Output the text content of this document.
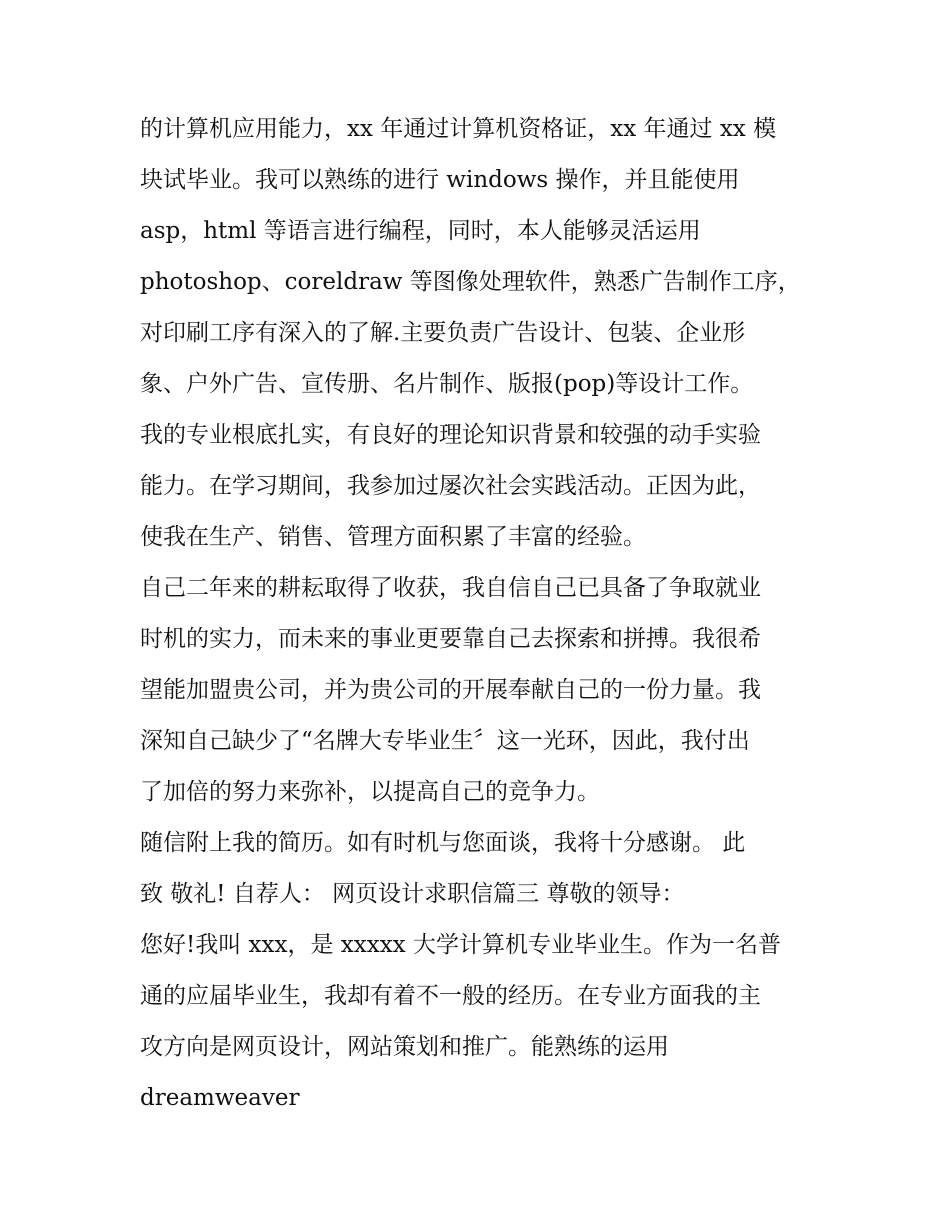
的计算机应用能力，xx 年通过计算机资格证，xx 年通过 xx 模
块试毕业。我可以熟练的进行 windows 操作，并且能使用
asp，html 等语言进行编程，同时，本人能够灵活运用
photoshop、coreldraw 等图像处理软件，熟悉广告制作工序，
对印刷工序有深入的了解.主要负责广告设计、包装、企业形
象、户外广告、宣传册、名片制作、版报(pop)等设计工作。
我的专业根底扎实，有良好的理论知识背景和较强的动手实验
能力。在学习期间，我参加过屡次社会实践活动。正因为此，
使我在生产、销售、管理方面积累了丰富的经验。
自己二年来的耕耘取得了收获，我自信自己已具备了争取就业
时机的实力，而未来的事业更要靠自己去探索和拼搏。我很希
望能加盟贵公司，并为贵公司的开展奉献自己的一份力量。我
深知自己缺少了“名牌大专毕业生〞这一光环，因此，我付出
了加倍的努力来弥补，以提高自己的竞争力。
随信附上我的简历。如有时机与您面谈，我将十分感谢。 此
致 敬礼! 自荐人： 网页设计求职信篇三 尊敬的领导：
您好!我叫 xxx，是 xxxxx 大学计算机专业毕业生。作为一名普
通的应届毕业生，我却有着不一般的经历。在专业方面我的主
攻方向是网页设计，网站策划和推广。能熟练的运用
dreamweaver
